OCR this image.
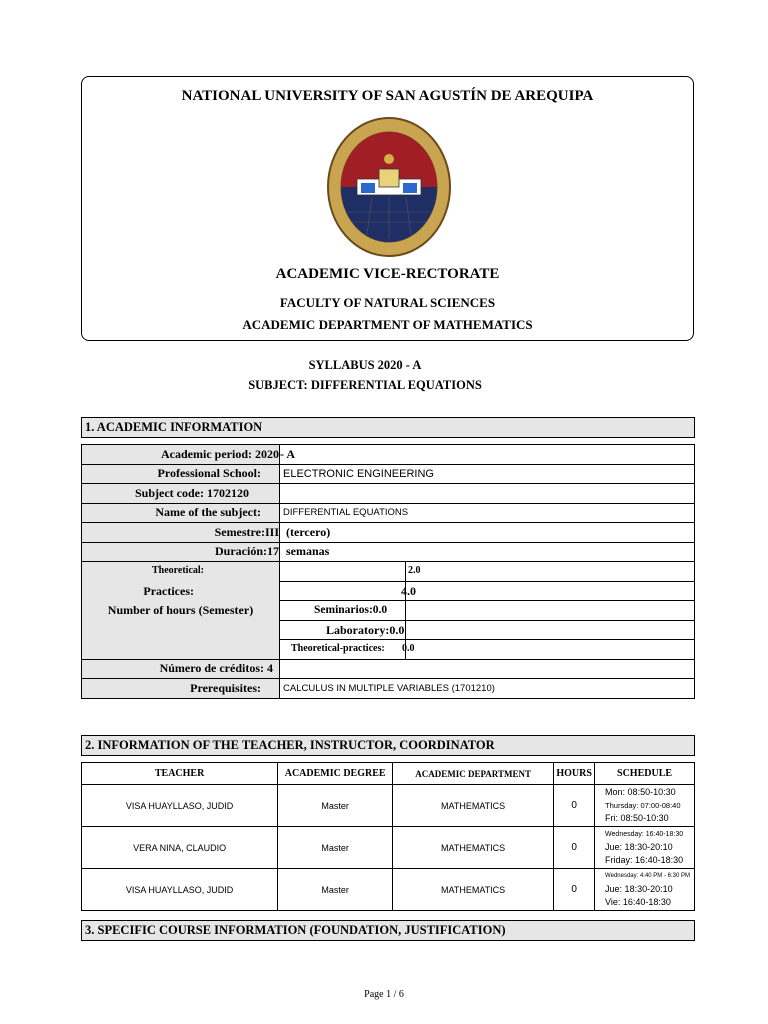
NATIONAL UNIVERSITY OF SAN AGUSTÍN DE AREQUIPA
ACADEMIC VICE-RECTORATE
FACULTY OF NATURAL SCIENCES
ACADEMIC DEPARTMENT OF MATHEMATICS
SYLLABUS 2020 - A
SUBJECT: DIFFERENTIAL EQUATIONS
1. ACADEMIC INFORMATION
Academic period: 2020	- A
Professional School:	ELECTRONIC ENGINEERING
Subject code: 1702120	
Name of the subject:	DIFFERENTIAL EQUATIONS
Semestre:III	(tercero)
Duración:17	semanas
Number of hours (Semester)	Theoretical: 2.0

	Practices: 4.0

	Seminarios:0.0

	Laboratory:0.0

	Theoretical-practices: 0.0

Número de créditos: 4	
Prerequisites:	CALCULUS IN MULTIPLE VARIABLES (1701210)
2. INFORMATION OF THE TEACHER, INSTRUCTOR, COORDINATOR
TEACHER	ACADEMIC DEGREE	ACADEMIC DEPARTMENT	HOURS	SCHEDULE
VISA HUAYLLASO, JUDID	Master	MATHEMATICS	0	Mon: 08:50-10:30
Thursday: 07:00-08:40
Fri: 08:50-10:30

VERA NINA, CLAUDIO	Master	MATHEMATICS	0	Wednesday: 16:40-18:30
Jue: 18:30-20:10
Friday: 16:40-18:30

VISA HUAYLLASO, JUDID	Master	MATHEMATICS	0	Wednesday: 4:40 PM - 6:30 PM
Jue: 18:30-20:10
Vie: 16:40-18:30
3. SPECIFIC COURSE INFORMATION (FOUNDATION, JUSTIFICATION)
Page 1 / 6
